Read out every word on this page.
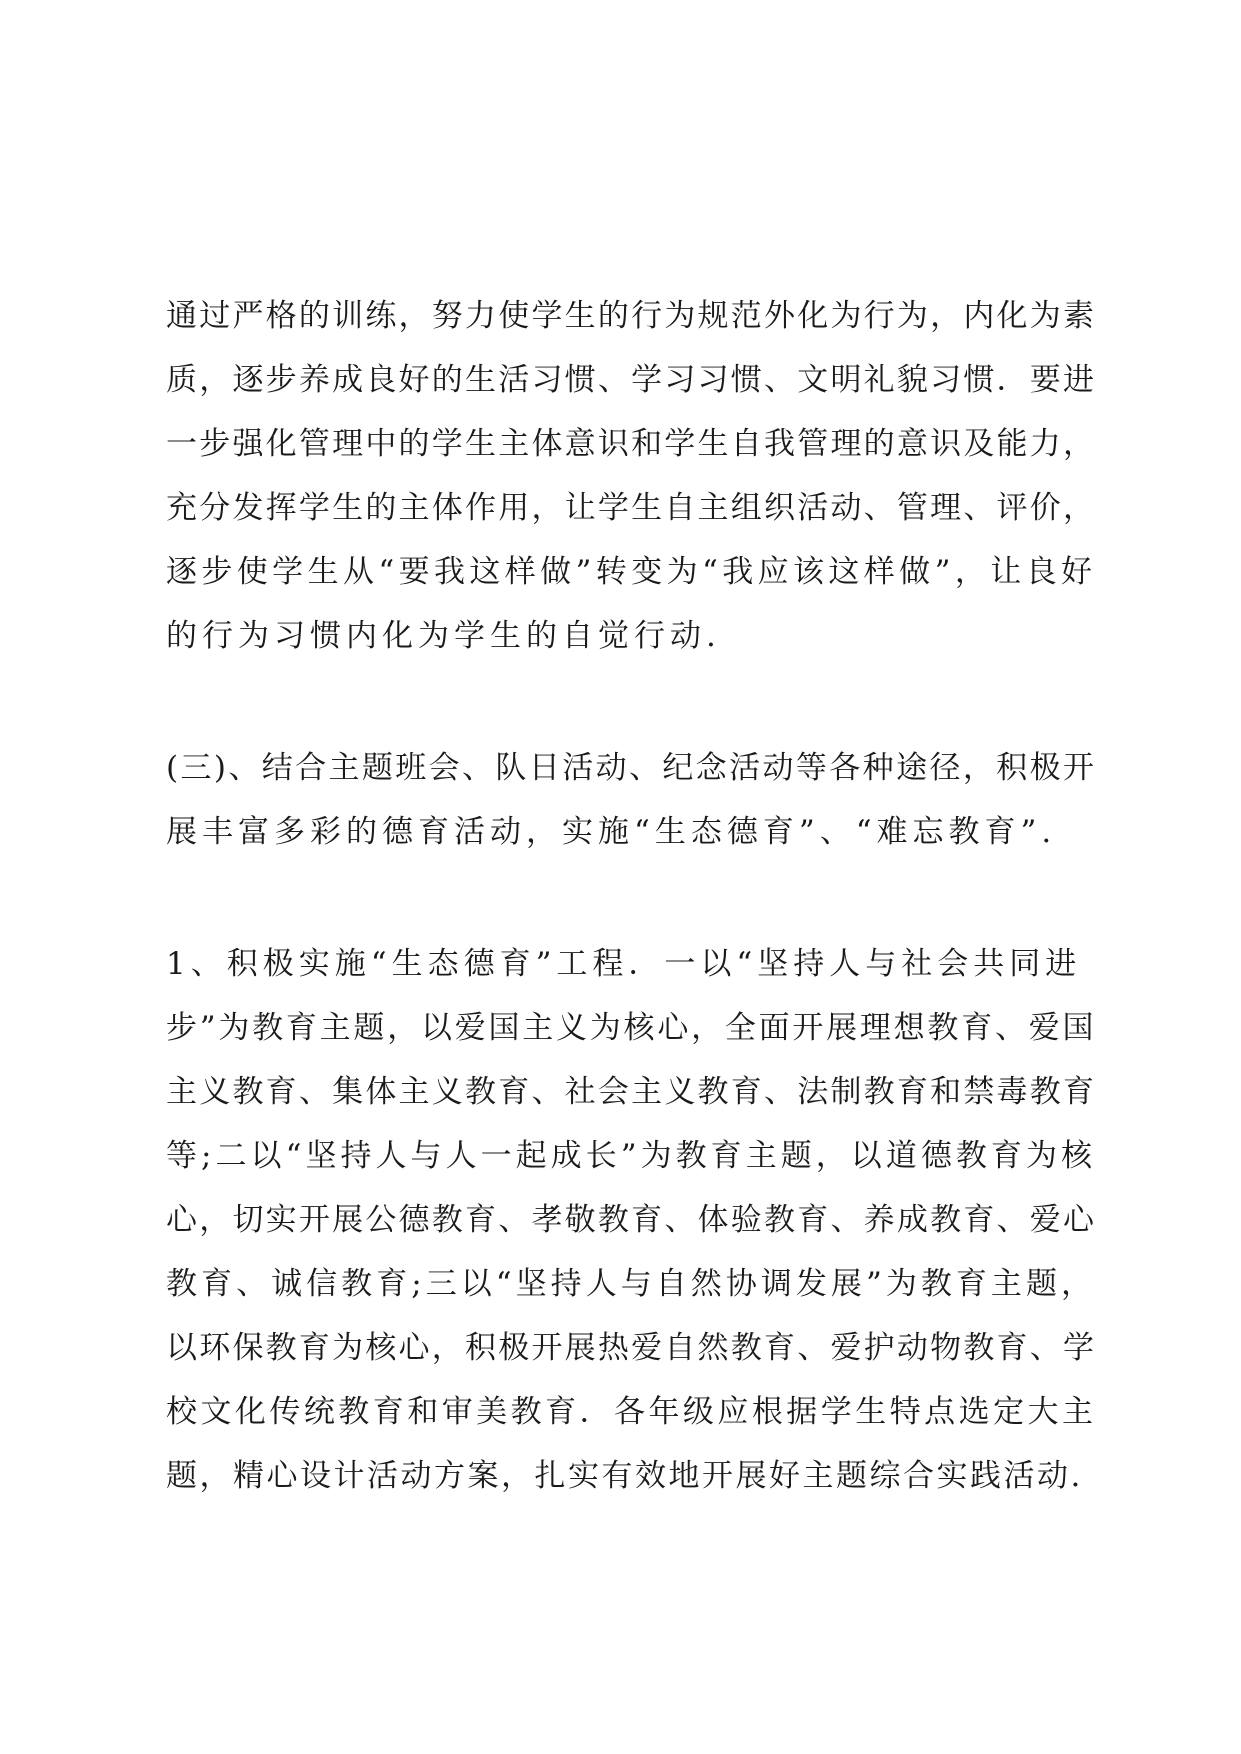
通过严格的训练，努力使学生的行为规范外化为行为，内化为素
质，逐步养成良好的生活习惯、学习习惯、文明礼貌习惯．要进
一步强化管理中的学生主体意识和学生自我管理的意识及能力，
充分发挥学生的主体作用，让学生自主组织活动、管理、评价，
逐步使学生从“要我这样做”转变为“我应该这样做”，让良好
的行为习惯内化为学生的自觉行动.
(三)、结合主题班会、队日活动、纪念活动等各种途径，积极开
展丰富多彩的德育活动，实施“生态德育”、“难忘教育”.
1、积极实施“生态德育”工程．一以“坚持人与社会共同进
步”为教育主题，以爱国主义为核心，全面开展理想教育、爱国
主义教育、集体主义教育、社会主义教育、法制教育和禁毒教育
等;二以“坚持人与人一起成长”为教育主题，以道德教育为核
心，切实开展公德教育、孝敬教育、体验教育、养成教育、爱心
教育、诚信教育;三以“坚持人与自然协调发展”为教育主题，
以环保教育为核心，积极开展热爱自然教育、爱护动物教育、学
校文化传统教育和审美教育．各年级应根据学生特点选定大主
题，精心设计活动方案，扎实有效地开展好主题综合实践活动.
